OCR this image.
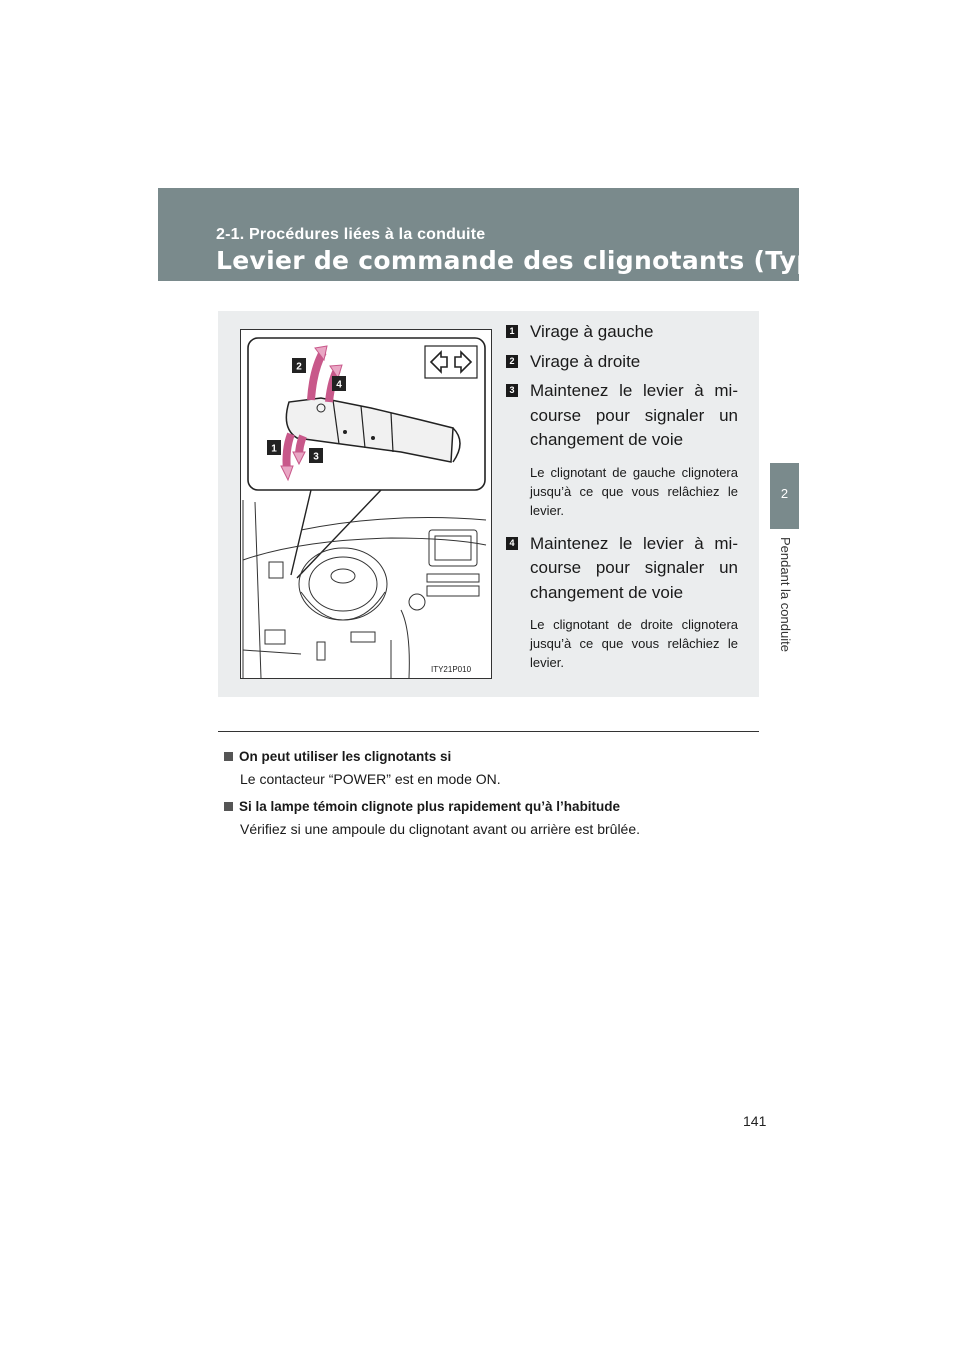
2-1. Procédures liées à la conduite
Levier de commande des clignotants (Type B)
2
Pendant la conduite
2
4
1
3
ITY21P010
1 Virage à gauche
2 Virage à droite
3 Maintenez le levier à mi-course pour signaler un changement de voie
Le clignotant de gauche clignotera jusqu’à ce que vous relâchiez le levier.
4 Maintenez le levier à mi-course pour signaler un changement de voie
Le clignotant de droite clignotera jusqu’à ce que vous relâchiez le levier.
On peut utiliser les clignotants si
Le contacteur “POWER” est en mode ON.
Si la lampe témoin clignote plus rapidement qu’à l’habitude
Vérifiez si une ampoule du clignotant avant ou arrière est brûlée.
141
